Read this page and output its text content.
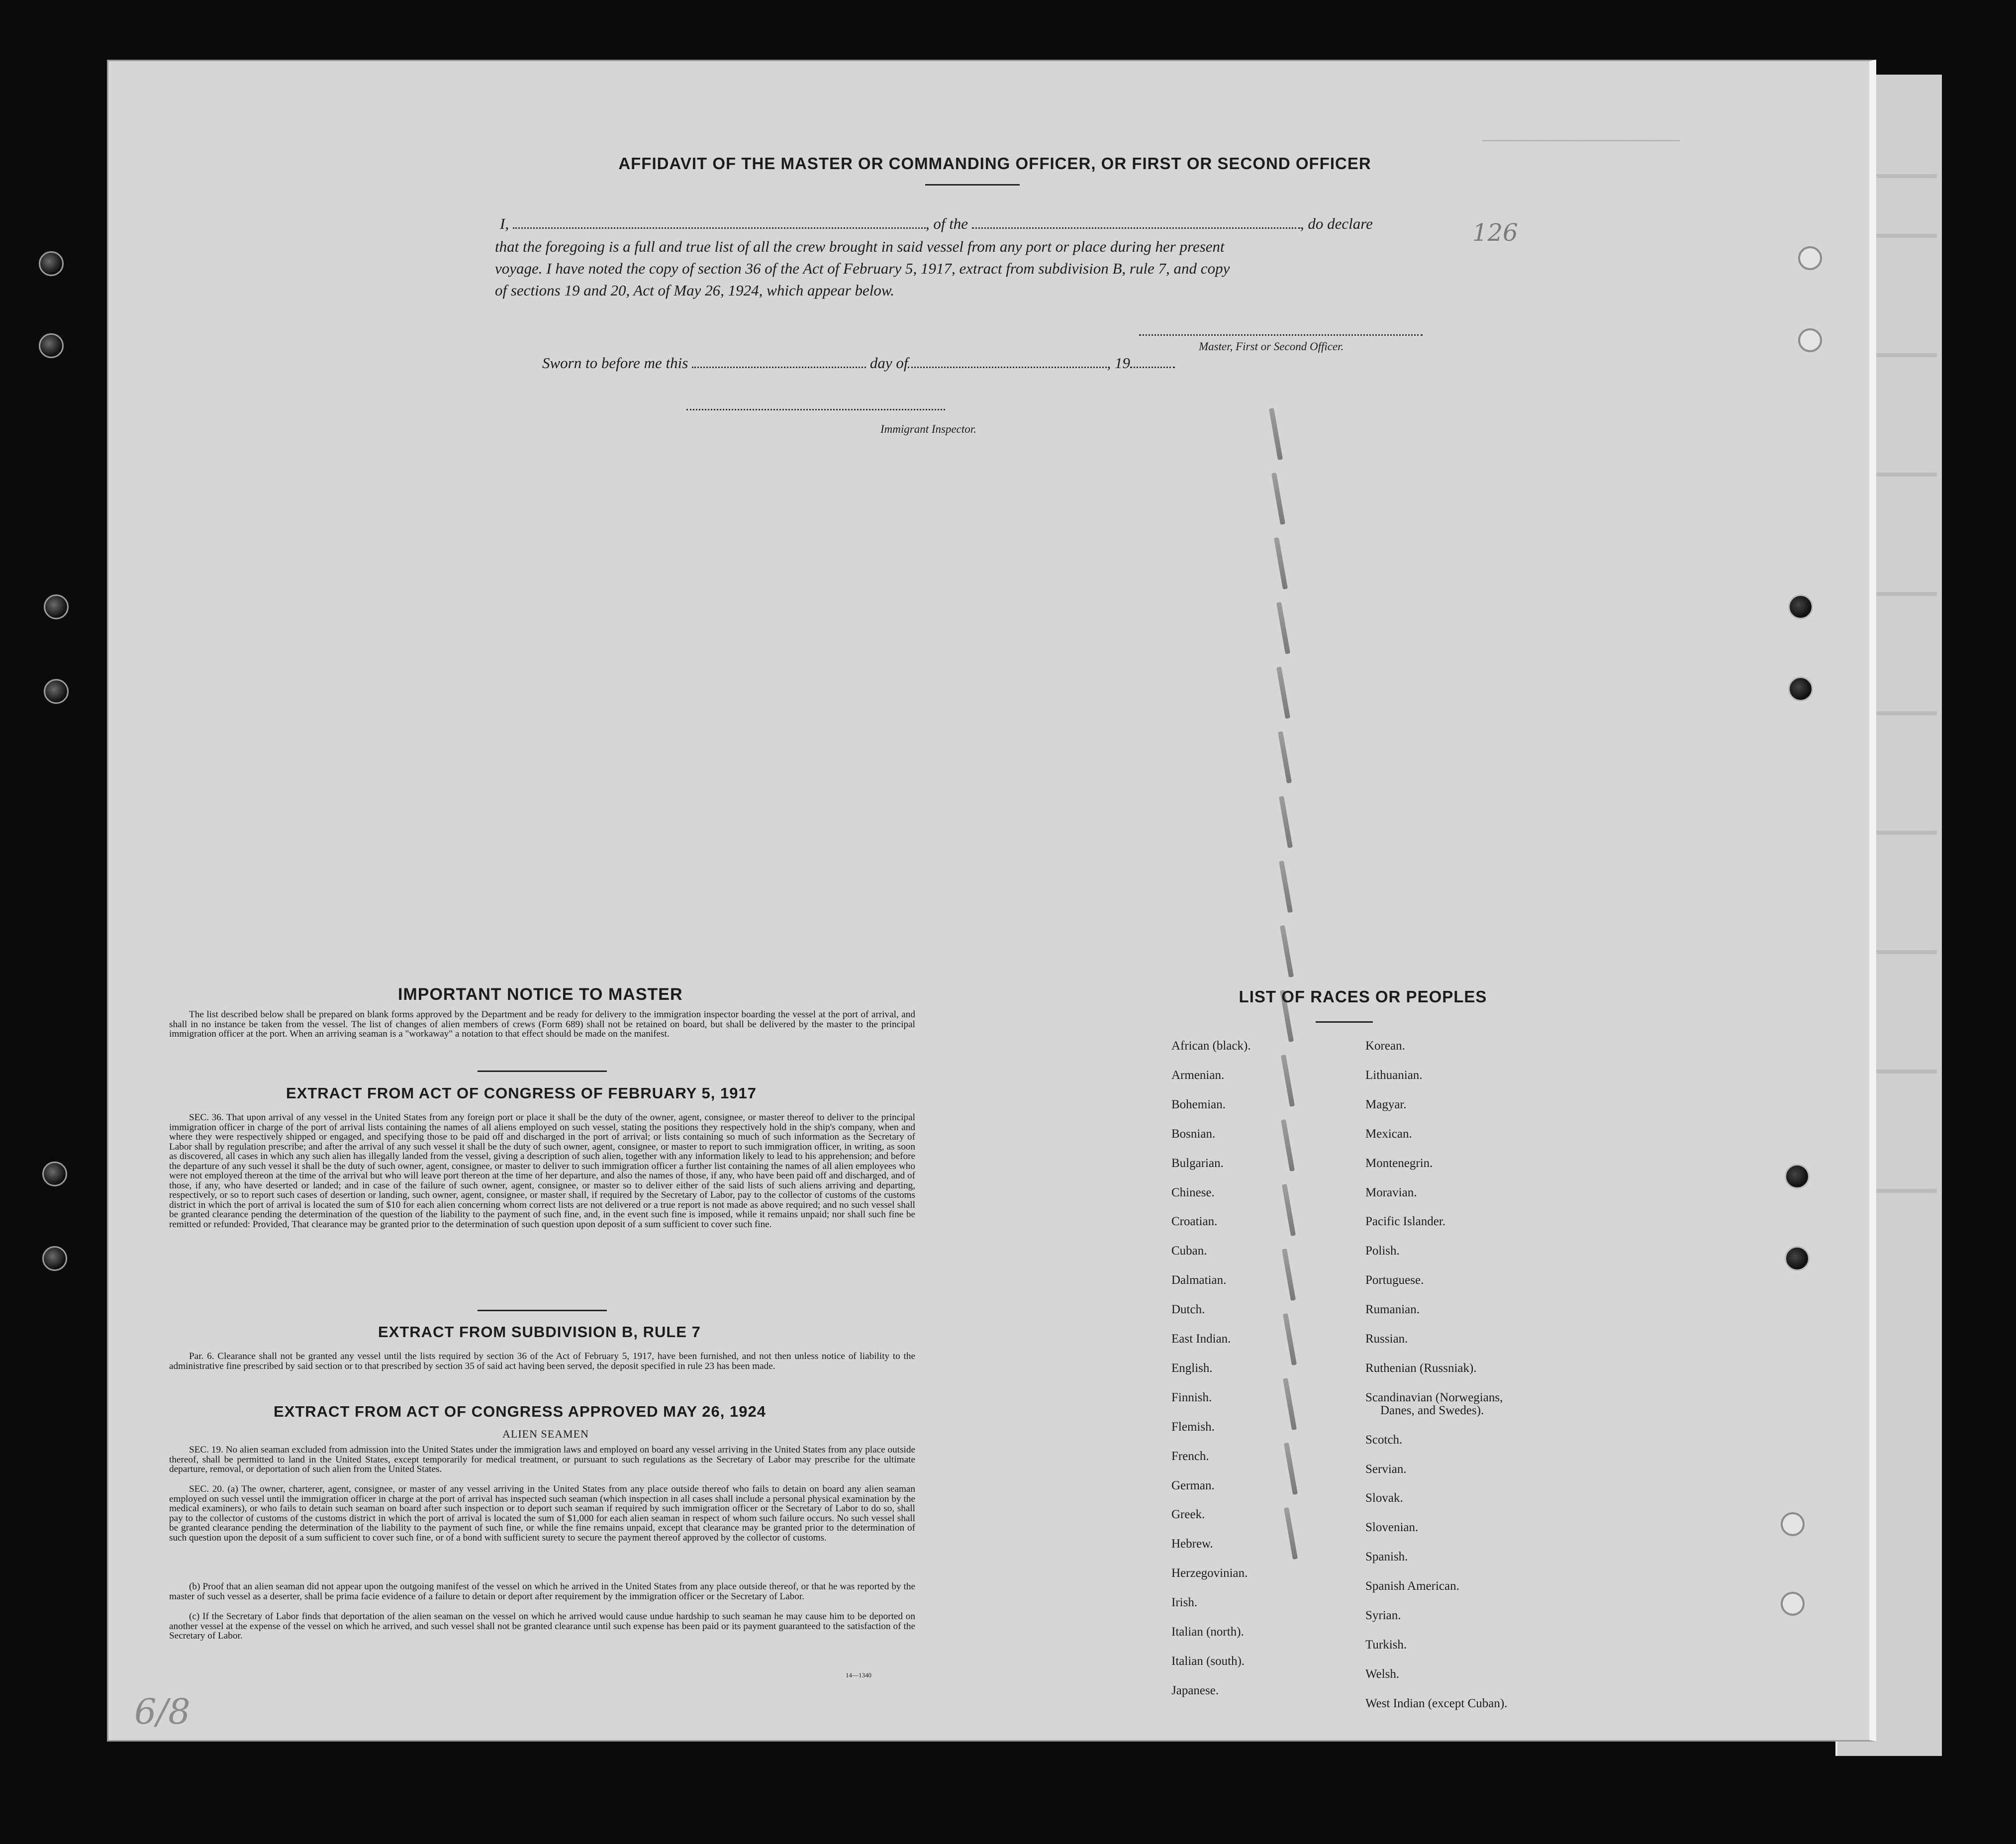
──────────────
126
AFFIDAVIT OF THE MASTER OR COMMANDING OFFICER, OR FIRST OR SECOND OFFICER
I,	, of the	, do declare
that the foregoing is a full and true list of all the crew brought in said vessel from any port or place during her present
voyage. I have noted the copy of section 36 of the Act of February 5, 1917, extract from subdivision B, rule 7, and copy
of sections 19 and 20, Act of May 26, 1924, which appear below.
Master, First or Second Officer.
Sworn to before me this	day of	, 19
Immigrant Inspector.
IMPORTANT NOTICE TO MASTER

The list described below shall be prepared on blank forms approved by the Department and be ready for delivery to the immigration inspector boarding the vessel at the port of arrival, and shall in no instance be taken from the vessel. The list of changes of alien members of crews (Form 689) shall not be retained on board, but shall be delivered by the master to the principal immigration officer at the port. When an arriving seaman is a "workaway" a notation to that effect should be made on the manifest.

EXTRACT FROM ACT OF CONGRESS OF FEBRUARY 5, 1917

SEC. 36. That upon arrival of any vessel in the United States from any foreign port or place it shall be the duty of the owner, agent, consignee, or master thereof to deliver to the principal immigration officer in charge of the port of arrival lists containing the names of all aliens employed on such vessel, stating the positions they respectively hold in the ship's company, when and where they were respectively shipped or engaged, and specifying those to be paid off and discharged in the port of arrival; or lists containing so much of such information as the Secretary of Labor shall by regulation prescribe; and after the arrival of any such vessel it shall be the duty of such owner, agent, consignee, or master to report to such immigration officer, in writing, as soon as discovered, all cases in which any such alien has illegally landed from the vessel, giving a description of such alien, together with any information likely to lead to his apprehension; and before the departure of any such vessel it shall be the duty of such owner, agent, consignee, or master to deliver to such immigration officer a further list containing the names of all alien employees who were not employed thereon at the time of the arrival but who will leave port thereon at the time of her departure, and also the names of those, if any, who have been paid off and discharged, and of those, if any, who have deserted or landed; and in case of the failure of such owner, agent, consignee, or master so to deliver either of the said lists of such aliens arriving and departing, respectively, or so to report such cases of desertion or landing, such owner, agent, consignee, or master shall, if required by the Secretary of Labor, pay to the collector of customs of the customs district in which the port of arrival is located the sum of $10 for each alien concerning whom correct lists are not delivered or a true report is not made as above required; and no such vessel shall be granted clearance pending the determination of the question of the liability to the payment of such fine, and, in the event such fine is imposed, while it remains unpaid; nor shall such fine be remitted or refunded: Provided, That clearance may be granted prior to the determination of such question upon deposit of a sum sufficient to cover such fine.

EXTRACT FROM SUBDIVISION B, RULE 7

Par. 6. Clearance shall not be granted any vessel until the lists required by section 36 of the Act of February 5, 1917, have been furnished, and not then unless notice of liability to the administrative fine prescribed by said section or to that prescribed by section 35 of said act having been served, the deposit specified in rule 23 has been made.

EXTRACT FROM ACT OF CONGRESS APPROVED MAY 26, 1924
ALIEN SEAMEN

SEC. 19. No alien seaman excluded from admission into the United States under the immigration laws and employed on board any vessel arriving in the United States from any place outside thereof, shall be permitted to land in the United States, except temporarily for medical treatment, or pursuant to such regulations as the Secretary of Labor may prescribe for the ultimate departure, removal, or deportation of such alien from the United States.

SEC. 20. (a) The owner, charterer, agent, consignee, or master of any vessel arriving in the United States from any place outside thereof who fails to detain on board any alien seaman employed on such vessel until the immigration officer in charge at the port of arrival has inspected such seaman (which inspection in all cases shall include a personal physical examination by the medical examiners), or who fails to detain such seaman on board after such inspection or to deport such seaman if required by such immigration officer or the Secretary of Labor to do so, shall pay to the collector of customs of the customs district in which the port of arrival is located the sum of $1,000 for each alien seaman in respect of whom such failure occurs. No such vessel shall be granted clearance pending the determination of the liability to the payment of such fine, or while the fine remains unpaid, except that clearance may be granted prior to the determination of such question upon the deposit of a sum sufficient to cover such fine, or of a bond with sufficient surety to secure the payment thereof approved by the collector of customs.

(b) Proof that an alien seaman did not appear upon the outgoing manifest of the vessel on which he arrived in the United States from any place outside thereof, or that he was reported by the master of such vessel as a deserter, shall be prima facie evidence of a failure to detain or deport after requirement by the immigration officer or the Secretary of Labor.

(c) If the Secretary of Labor finds that deportation of the alien seaman on the vessel on which he arrived would cause undue hardship to such seaman he may cause him to be deported on another vessel at the expense of the vessel on which he arrived, and such vessel shall not be granted clearance until such expense has been paid or its payment guaranteed to the satisfaction of the Secretary of Labor.

14—1340
6/8
LIST OF RACES OR PEOPLES
African (black).
Armenian.
Bohemian.
Bosnian.
Bulgarian.
Chinese.
Croatian.
Cuban.
Dalmatian.
Dutch.
East Indian.
English.
Finnish.
Flemish.
French.
German.
Greek.
Hebrew.
Herzegovinian.
Irish.
Italian (north).
Italian (south).
Japanese.
Korean.
Lithuanian.
Magyar.
Mexican.
Montenegrin.
Moravian.
Pacific Islander.
Polish.
Portuguese.
Rumanian.
Russian.
Ruthenian (Russniak).
Scandinavian (Norwegians,
Danes, and Swedes).
Scotch.
Servian.
Slovak.
Slovenian.
Spanish.
Spanish American.
Syrian.
Turkish.
Welsh.
West Indian (except Cuban).
